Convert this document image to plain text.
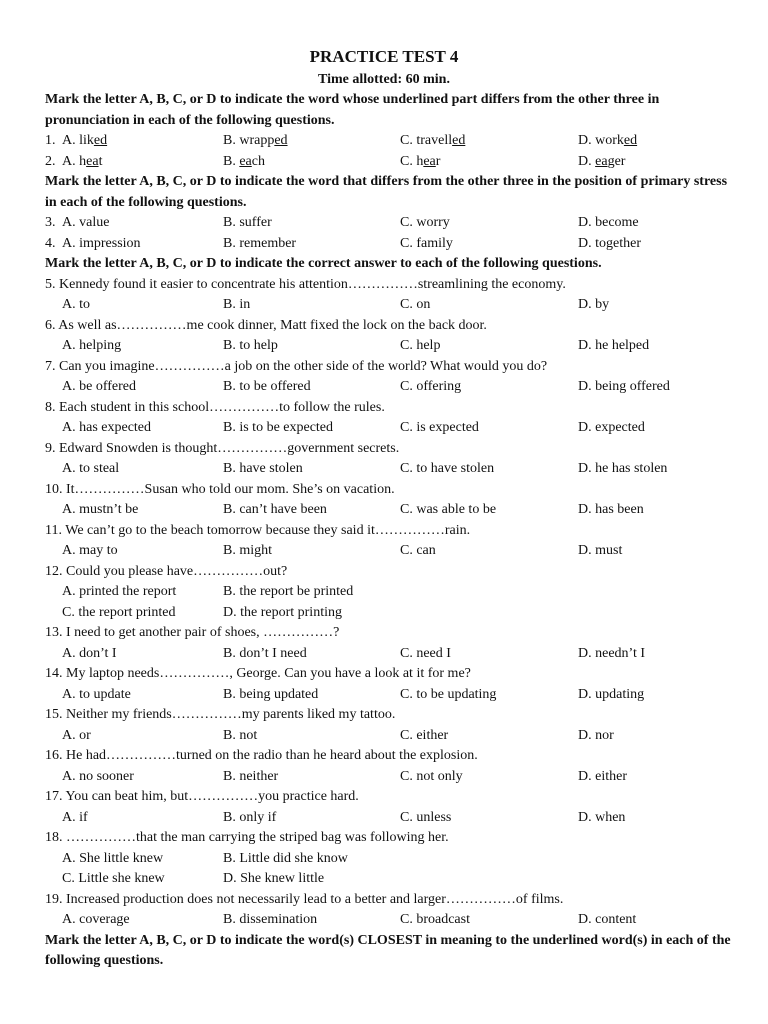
PRACTICE TEST 4
Time allotted: 60 min.
Mark the letter A, B, C, or D to indicate the word whose underlined part differs from the other three in pronunciation in each of the following questions.
1. A. liked	B. wrapped	C. travelled	D. worked
2. A. heat	B. each	C. hear	D. eager
Mark the letter A, B, C, or D to indicate the word that differs from the other three in the position of primary stress in each of the following questions.
3. A. value	B. suffer	C. worry	D. become
4. A. impression	B. remember	C. family	D. together
Mark the letter A, B, C, or D to indicate the correct answer to each of the following questions.
5. Kennedy found it easier to concentrate his attention……………streamlining the economy.
A. to	B. in	C. on	D. by
6. As well as……………me cook dinner, Matt fixed the lock on the back door.
A. helping	B. to help	C. help	D. he helped
7. Can you imagine……………a job on the other side of the world? What would you do?
A. be offered	B. to be offered	C. offering	D. being offered
8. Each student in this school……………to follow the rules.
A. has expected	B. is to be expected	C. is expected	D. expected
9. Edward Snowden is thought……………government secrets.
A. to steal	B. have stolen	C. to have stolen	D. he has stolen
10. It……………Susan who told our mom. She’s on vacation.
A. mustn’t be	B. can’t have been	C. was able to be	D. has been
11. We can’t go to the beach tomorrow because they said it……………rain.
A. may to	B. might	C. can	D. must
12. Could you please have……………out?
A. printed the report	B. the report be printed
C. the report printed	D. the report printing
13. I need to get another pair of shoes, ……………?
A. don’t I	B. don’t I need	C. need I	D. needn’t I
14. My laptop needs……………, George. Can you have a look at it for me?
A. to update	B. being updated	C. to be updating	D. updating
15. Neither my friends……………my parents liked my tattoo.
A. or	B. not	C. either	D. nor
16. He had……………turned on the radio than he heard about the explosion.
A. no sooner	B. neither	C. not only	D. either
17. You can beat him, but……………you practice hard.
A. if	B. only if	C. unless	D. when
18. ……………that the man carrying the striped bag was following her.
A. She little knew	B. Little did she know
C. Little she knew	D. She knew little
19. Increased production does not necessarily lead to a better and larger……………of films.
A. coverage	B. dissemination	C. broadcast	D. content
Mark the letter A, B, C, or D to indicate the word(s) CLOSEST in meaning to the underlined word(s) in each of the following questions.
